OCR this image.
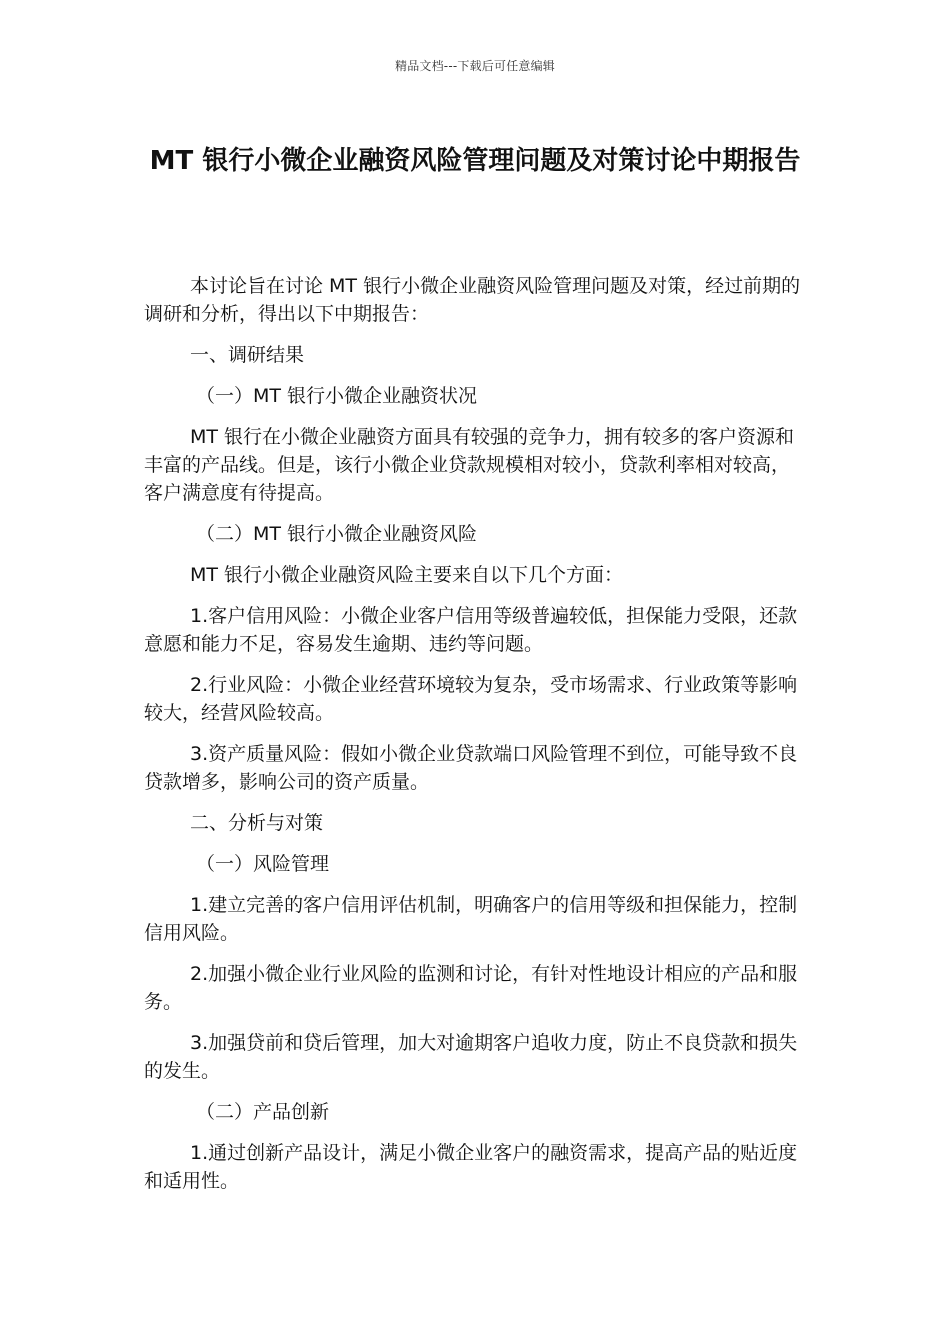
精品文档---下载后可任意编辑
MT 银行小微企业融资风险管理问题及对策讨论中期报告

本讨论旨在讨论 MT 银行小微企业融资风险管理问题及对策，经过前期的调研和分析，得出以下中期报告：

一、调研结果

（一）MT 银行小微企业融资状况

MT 银行在小微企业融资方面具有较强的竞争力，拥有较多的客户资源和丰富的产品线。但是，该行小微企业贷款规模相对较小，贷款利率相对较高，客户满意度有待提高。

（二）MT 银行小微企业融资风险

MT 银行小微企业融资风险主要来自以下几个方面：

1.客户信用风险：小微企业客户信用等级普遍较低，担保能力受限，还款意愿和能力不足，容易发生逾期、违约等问题。

2.行业风险：小微企业经营环境较为复杂，受市场需求、行业政策等影响较大，经营风险较高。

3.资产质量风险：假如小微企业贷款端口风险管理不到位，可能导致不良贷款增多，影响公司的资产质量。

二、分析与对策

（一）风险管理

1.建立完善的客户信用评估机制，明确客户的信用等级和担保能力，控制信用风险。

2.加强小微企业行业风险的监测和讨论，有针对性地设计相应的产品和服务。

3.加强贷前和贷后管理，加大对逾期客户追收力度，防止不良贷款和损失的发生。

（二）产品创新

1.通过创新产品设计，满足小微企业客户的融资需求，提高产品的贴近度和适用性。
